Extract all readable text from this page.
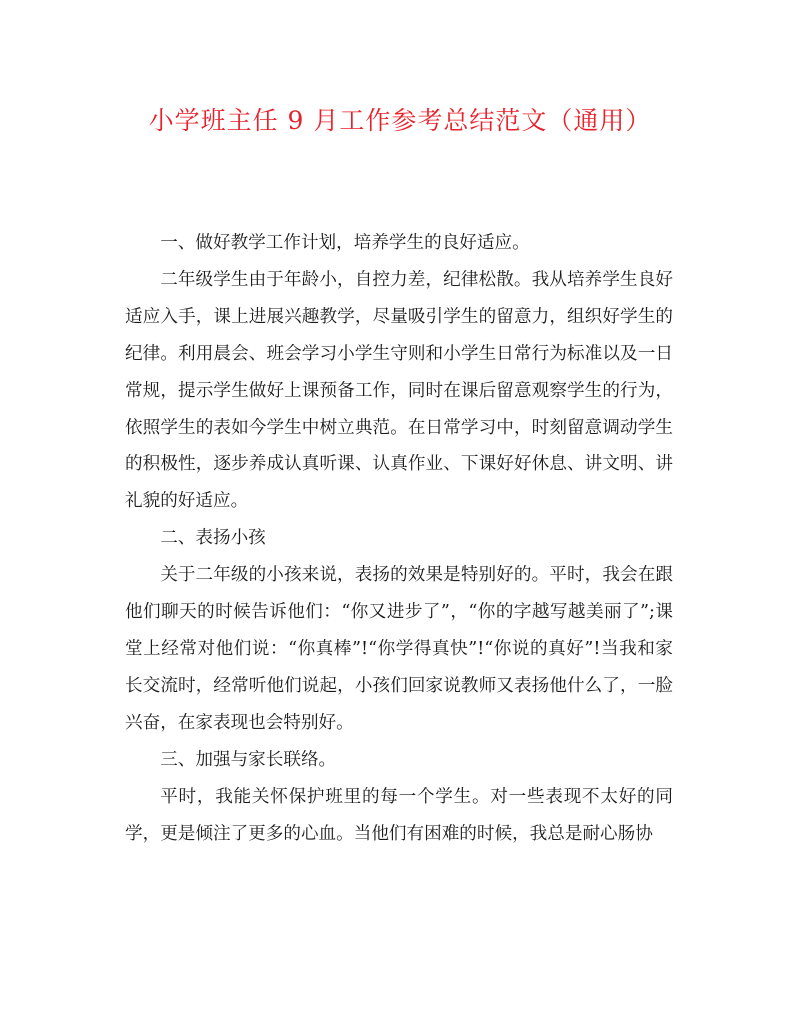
小学班主任 9 月工作参考总结范文（通用）

一、做好教学工作计划，培养学生的良好适应。

二年级学生由于年龄小，自控力差，纪律松散。我从培养学生良好适应入手，课上进展兴趣教学，尽量吸引学生的留意力，组织好学生的纪律。利用晨会、班会学习小学生守则和小学生日常行为标准以及一日常规，提示学生做好上课预备工作，同时在课后留意观察学生的行为，依照学生的表如今学生中树立典范。在日常学习中，时刻留意调动学生的积极性，逐步养成认真听课、认真作业、下课好好休息、讲文明、讲礼貌的好适应。

二、表扬小孩

关于二年级的小孩来说，表扬的效果是特别好的。平时，我会在跟他们聊天的时候告诉他们：“你又进步了”，“你的字越写越美丽了”;课堂上经常对他们说：“你真棒”!“你学得真快”!“你说的真好”!当我和家长交流时，经常听他们说起，小孩们回家说教师又表扬他什么了，一脸兴奋，在家表现也会特别好。

三、加强与家长联络。

平时，我能关怀保护班里的每一个学生。对一些表现不太好的同学，更是倾注了更多的心血。当他们有困难的时候，我总是耐心肠协
